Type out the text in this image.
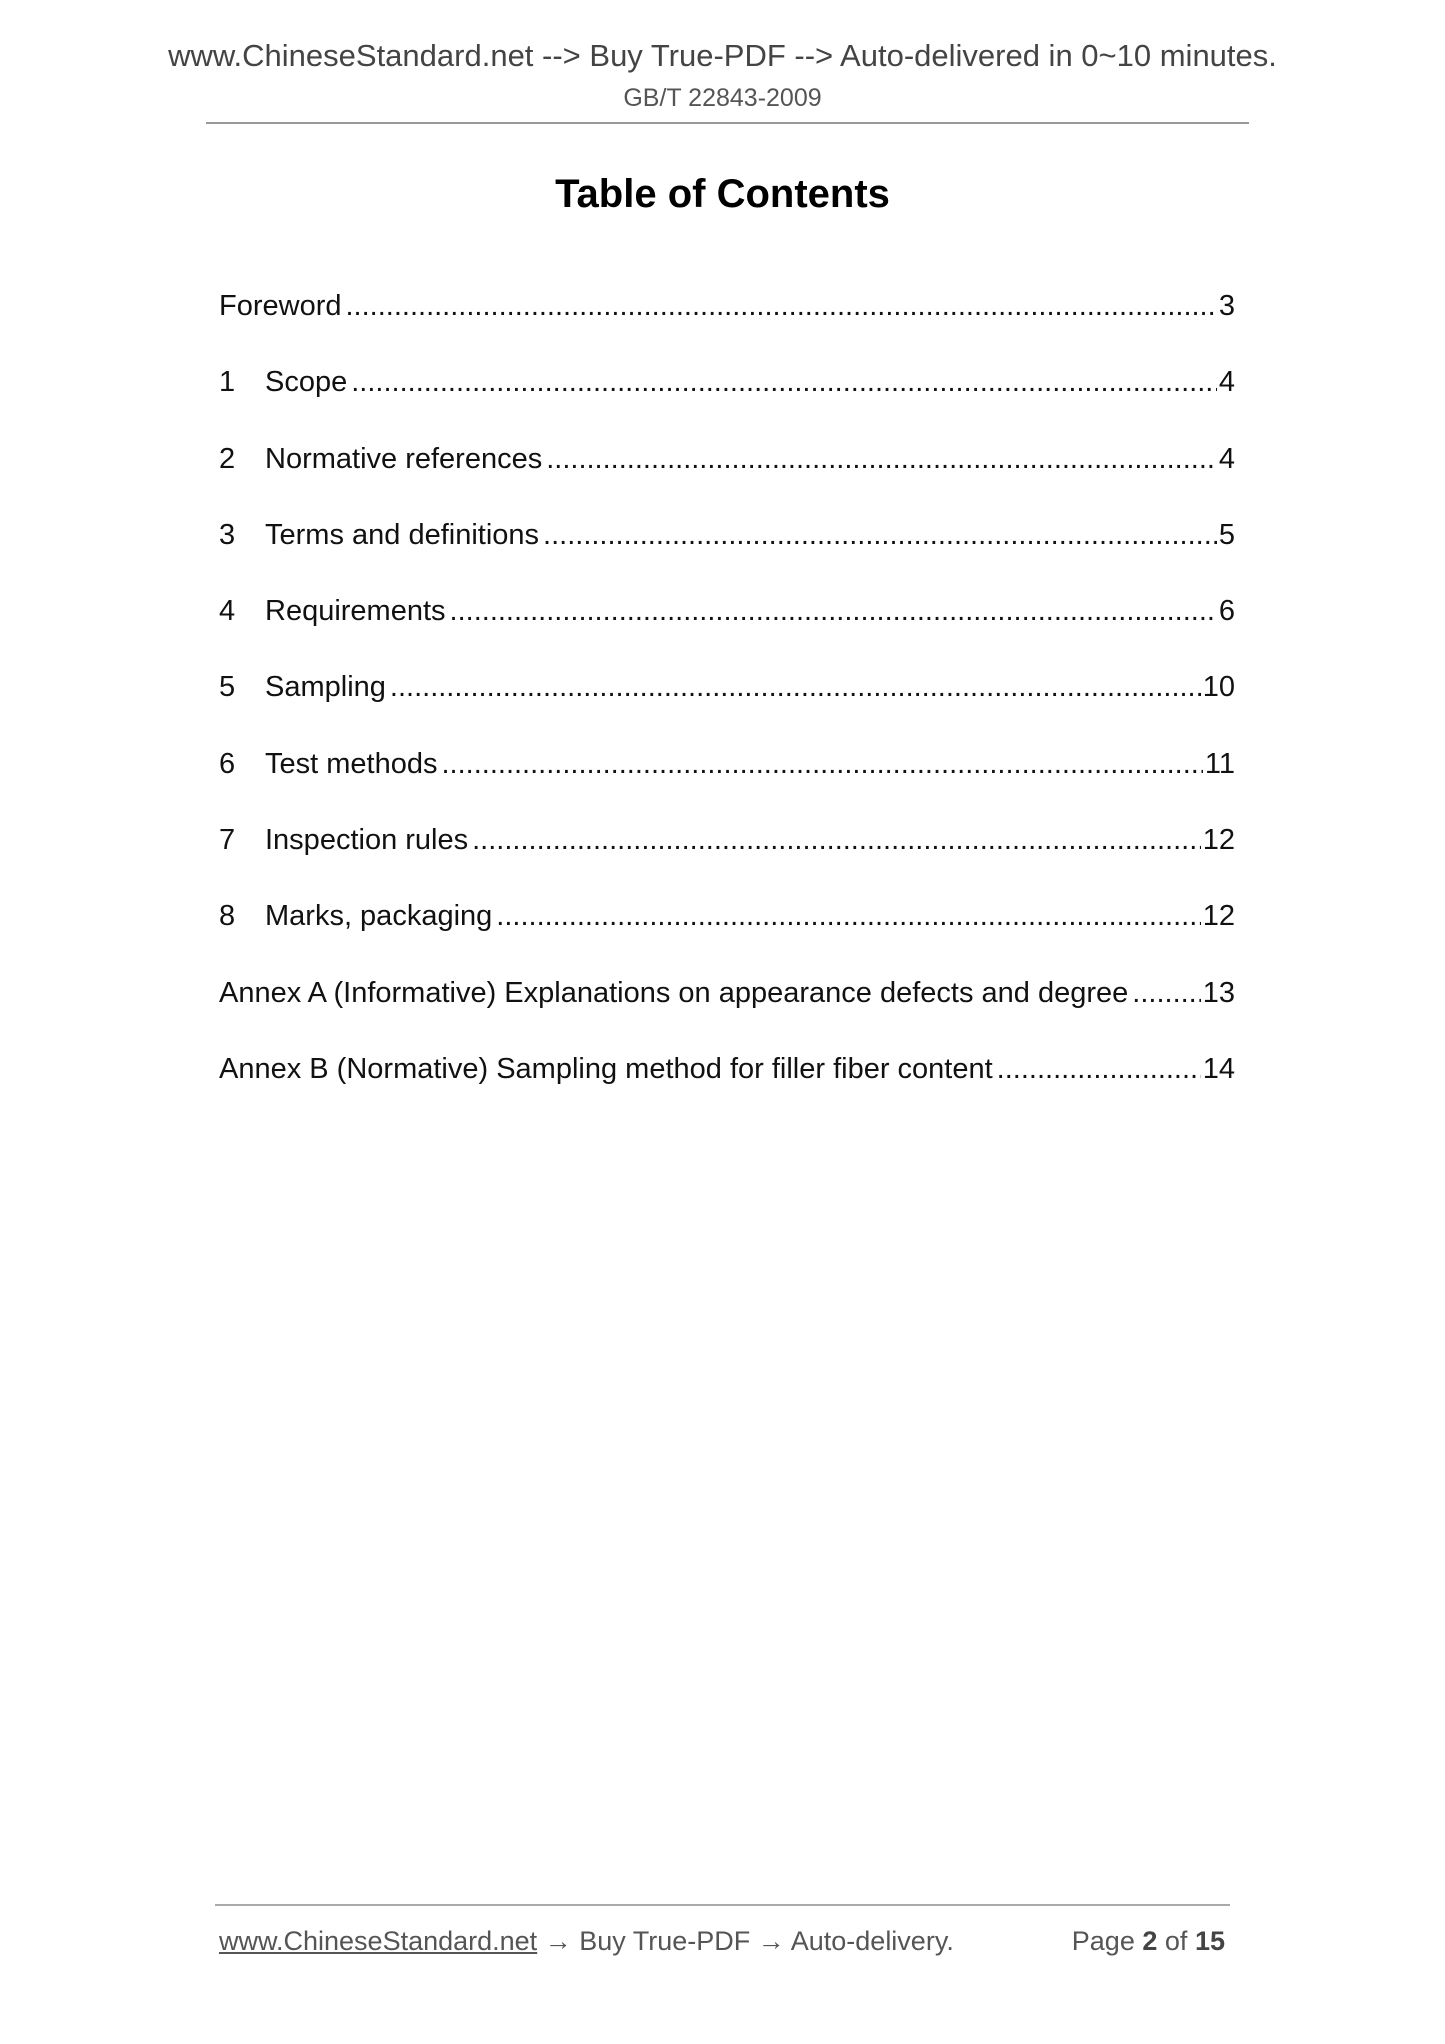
www.ChineseStandard.net --> Buy True-PDF --> Auto-delivered in 0~10 minutes.
GB/T 22843-2009
Table of Contents
Foreword .....	3
1	Scope .....	4
2	Normative references .....	4
3	Terms and definitions .....	5
4	Requirements .....	6
5	Sampling .....	10
6	Test methods .....	11
7	Inspection rules .....	12
8	Marks, packaging .....	12
Annex A (Informative) Explanations on appearance defects and degree .....	13
Annex B (Normative) Sampling method for filler fiber content .....	14
www.ChineseStandard.net → Buy True-PDF → Auto-delivery.	Page 2 of 15
